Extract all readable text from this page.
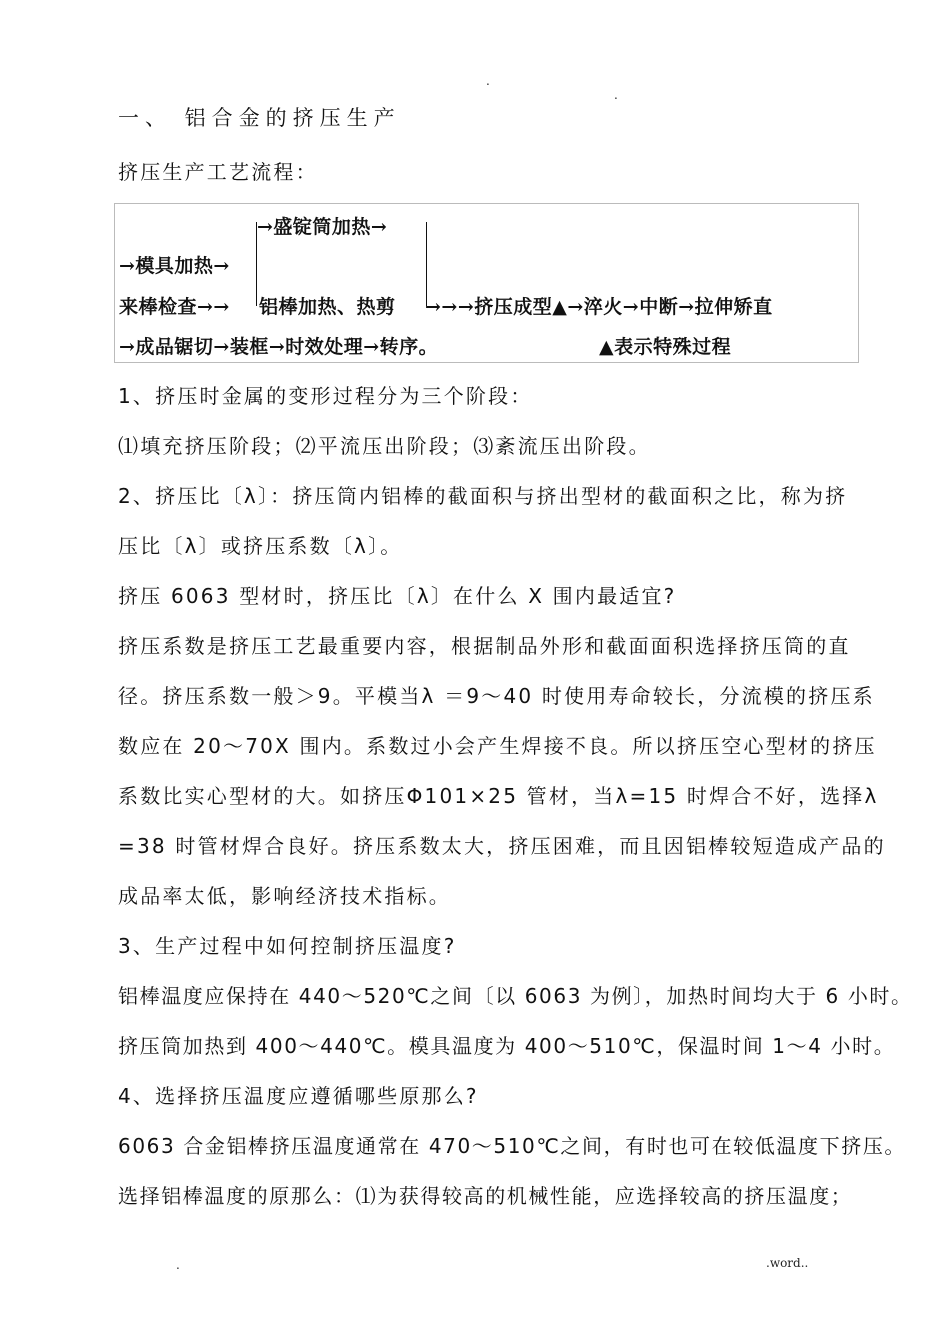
.
.
一、 铝合金的挤压生产
挤压生产工艺流程：
→盛锭筒加热→
→模具加热→
来棒检查→→ 铝棒加热、热剪 →→→挤压成型▲→淬火→中断→拉伸矫直
→成品锯切→装框→时效处理→转序。	▲表示特殊过程
1、挤压时金属的变形过程分为三个阶段：
⑴填充挤压阶段；⑵平流压出阶段；⑶紊流压出阶段。
2、挤压比〔λ〕：挤压筒内铝棒的截面积与挤出型材的截面积之比，称为挤
压比〔λ〕或挤压系数〔λ〕。
挤压 6063 型材时，挤压比〔λ〕在什么 X 围内最适宜?
挤压系数是挤压工艺最重要内容，根据制品外形和截面面积选择挤压筒的直
径。挤压系数一般＞9。平模当λ ＝9～40 时使用寿命较长，分流模的挤压系
数应在 20～70X 围内。系数过小会产生焊接不良。所以挤压空心型材的挤压
系数比实心型材的大。如挤压Φ101×25 管材，当λ=15 时焊合不好，选择λ
=38 时管材焊合良好。挤压系数太大，挤压困难，而且因铝棒较短造成产品的
成品率太低，影响经济技术指标。
3、生产过程中如何控制挤压温度?
铝棒温度应保持在 440～520℃之间〔以 6063 为例〕，加热时间均大于 6 小时。
挤压筒加热到 400～440℃。模具温度为 400～510℃，保温时间 1～4 小时。
4、选择挤压温度应遵循哪些原那么?
6063 合金铝棒挤压温度通常在 470～510℃之间，有时也可在较低温度下挤压。
选择铝棒温度的原那么：⑴为获得较高的机械性能，应选择较高的挤压温度；
.	.word..
